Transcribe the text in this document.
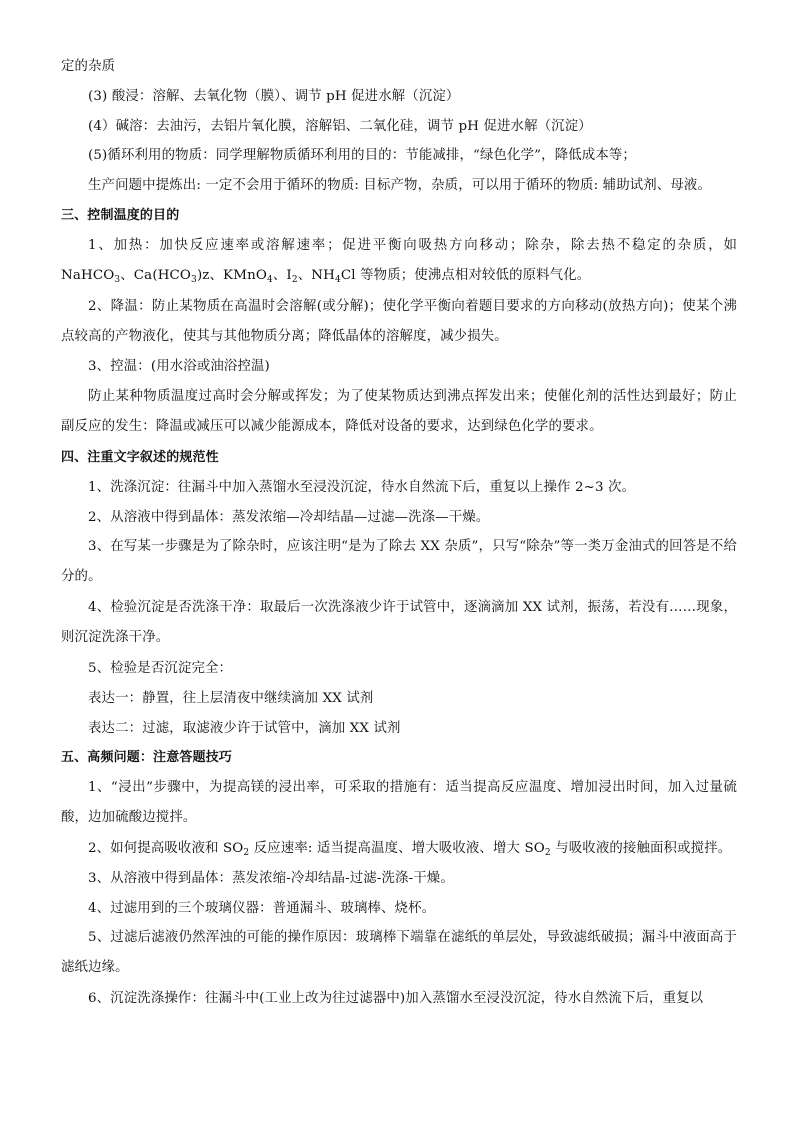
定的杂质

(3) 酸浸：溶解、去氧化物（膜）、调节 pH 促进水解（沉淀）

(4）碱溶：去油污，去铝片氧化膜，溶解铝、二氧化硅，调节 pH 促进水解（沉淀）

(5)循环利用的物质：同学理解物质循环利用的目的：节能减排，“绿色化学”，降低成本等；

生产问题中提炼出: 一定不会用于循环的物质: 目标产物，杂质，可以用于循环的物质: 辅助试剂、母液。

三、控制温度的目的

1、加热：加快反应速率或溶解速率；促进平衡向吸热方向移动；除杂，除去热不稳定的杂质，如 NaHCO$_3$、$Ca(HCO_3)z$、KMnO$_4$、$I_2$、$NH_4Cl$ 等物质；使沸点相对较低的原料气化。

2、降温：防止某物质在高温时会溶解(或分解)；使化学平衡向着题目要求的方向移动(放热方向)；使某个沸点较高的产物液化，使其与其他物质分离；降低晶体的溶解度，减少损失。

3、控温：(用水浴或油浴控温)

防止某种物质温度过高时会分解或挥发；为了使某物质达到沸点挥发出来；使催化剂的活性达到最好；防止副反应的发生：降温或减压可以减少能源成本，降低对设备的要求，达到绿色化学的要求。

四、注重文字叙述的规范性

1、洗涤沉淀：往漏斗中加入蒸馏水至浸没沉淀，待水自然流下后，重复以上操作 2~3 次。

2、从溶液中得到晶体：蒸发浓缩—冷却结晶—过滤—洗涤—干燥。

3、在写某一步骤是为了除杂时，应该注明“是为了除去 XX 杂质”，只写“除杂”等一类万金油式的回答是不给分的。

4、检验沉淀是否洗涤干净：取最后一次洗涤液少许于试管中，逐滴滴加 XX 试剂，振荡，若没有……现象，则沉淀洗涤干净。

5、检验是否沉淀完全：

表达一：静置，往上层清夜中继续滴加 XX 试剂

表达二：过滤，取滤液少许于试管中，滴加 XX 试剂

五、高频问题：注意答题技巧

1、“浸出”步骤中，为提高镁的浸出率，可采取的措施有：适当提高反应温度、增加浸出时间，加入过量硫酸，边加硫酸边搅拌。

2、如何提高吸收液和 $SO_2$ 反应速率: 适当提高温度、增大吸收液、增大 $SO_2$ 与吸收液的接触面积或搅拌。

3、从溶液中得到晶体：蒸发浓缩-冷却结晶-过滤-洗涤-干燥。

4、过滤用到的三个玻璃仪器：普通漏斗、玻璃棒、烧杯。

5、过滤后滤液仍然浑浊的可能的操作原因：玻璃棒下端靠在滤纸的单层处，导致滤纸破损；漏斗中液面高于滤纸边缘。

6、沉淀洗涤操作：往漏斗中(工业上改为往过滤器中)加入蒸馏水至浸没沉淀，待水自然流下后，重复以
